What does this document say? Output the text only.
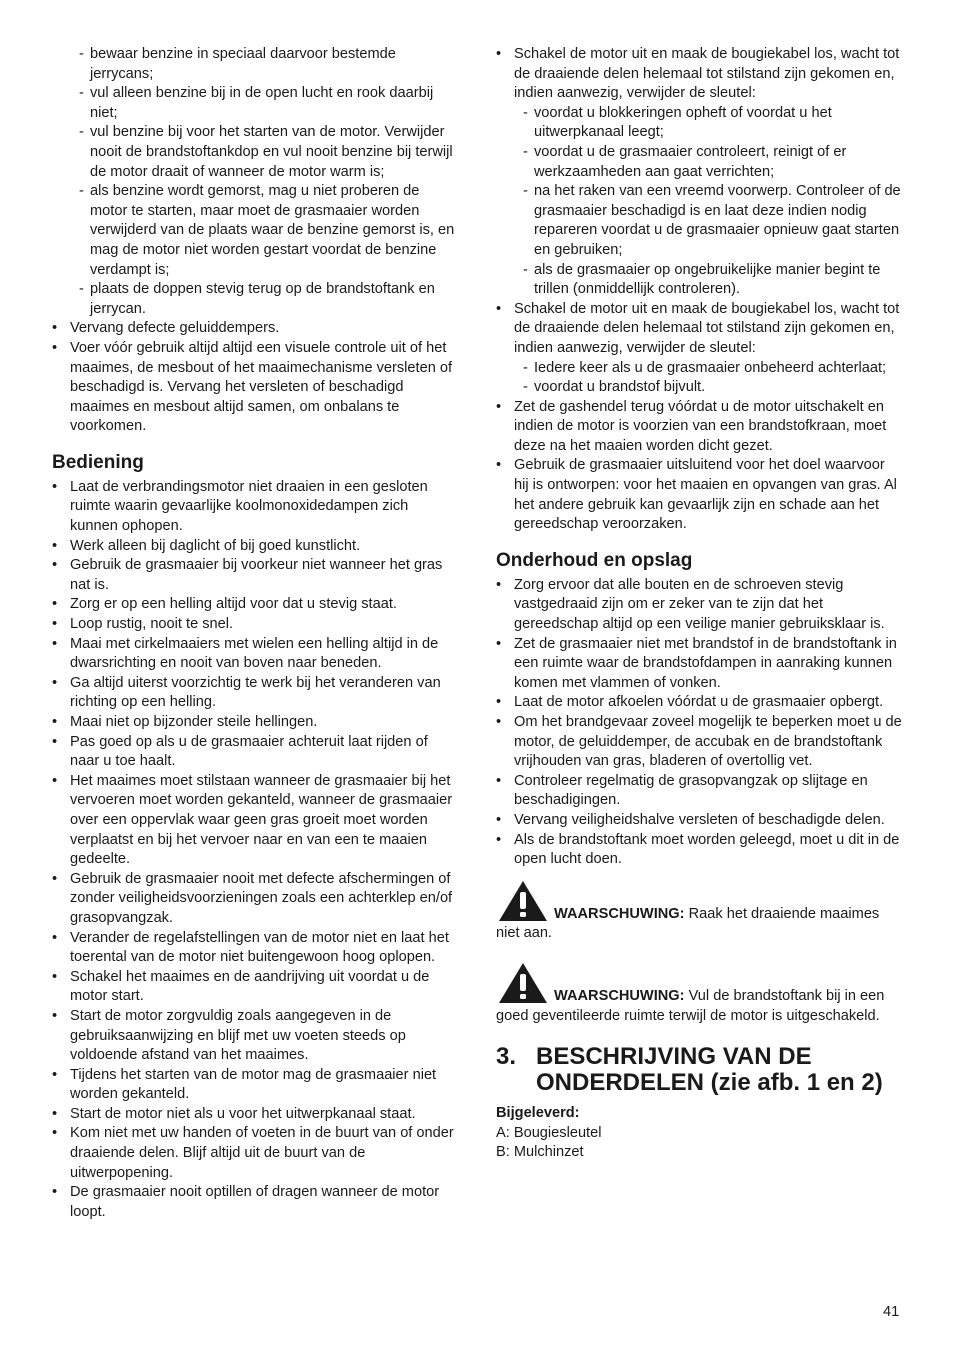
- bewaar benzine in speciaal daarvoor bestemde jerrycans;
- vul alleen benzine bij in de open lucht en rook daarbij niet;
- vul benzine bij voor het starten van de motor. Verwijder nooit de brandstoftankdop en vul nooit benzine bij terwijl de motor draait of wanneer de motor warm is;
- als benzine wordt gemorst, mag u niet proberen de motor te starten, maar moet de grasmaaier worden verwijderd van de plaats waar de benzine gemorst is, en mag de motor niet worden gestart voordat de benzine verdampt is;
- plaats de doppen stevig terug op de brandstoftank en jerrycan.
• Vervang defecte geluiddempers.
• Voer vóór gebruik altijd altijd een visuele controle uit of het maaimes, de mesbout of het maaimechanisme versleten of beschadigd is. Vervang het versleten of beschadigd maaimes en mesbout altijd samen, om onbalans te voorkomen.
Bediening
• Laat de verbrandingsmotor niet draaien in een gesloten ruimte waarin gevaarlijke koolmonoxidedampen zich kunnen ophopen.
• Werk alleen bij daglicht of bij goed kunstlicht.
• Gebruik de grasmaaier bij voorkeur niet wanneer het gras nat is.
• Zorg er op een helling altijd voor dat u stevig staat.
• Loop rustig, nooit te snel.
• Maai met cirkelmaaiers met wielen een helling altijd in de dwarsrichting en nooit van boven naar beneden.
• Ga altijd uiterst voorzichtig te werk bij het veranderen van richting op een helling.
• Maai niet op bijzonder steile hellingen.
• Pas goed op als u de grasmaaier achteruit laat rijden of naar u toe haalt.
• Het maaimes moet stilstaan wanneer de grasmaaier bij het vervoeren moet worden gekanteld, wanneer de grasmaaier over een oppervlak waar geen gras groeit moet worden verplaatst en bij het vervoer naar en van een te maaien gedeelte.
• Gebruik de grasmaaier nooit met defecte afschermingen of zonder veiligheidsvoorzieningen zoals een achterklep en/of grasopvangzak.
• Verander de regelafstellingen van de motor niet en laat het toerental van de motor niet buitengewoon hoog oplopen.
• Schakel het maaimes en de aandrijving uit voordat u de motor start.
• Start de motor zorgvuldig zoals aangegeven in de gebruiksaanwijzing en blijf met uw voeten steeds op voldoende afstand van het maaimes.
• Tijdens het starten van de motor mag de grasmaaier niet worden gekanteld.
• Start de motor niet als u voor het uitwerpkanaal staat.
• Kom niet met uw handen of voeten in de buurt van of onder draaiende delen. Blijf altijd uit de buurt van de uitwerpopening.
• De grasmaaier nooit optillen of dragen wanneer de motor loopt.
• Schakel de motor uit en maak de bougiekabel los, wacht tot de draaiende delen helemaal tot stilstand zijn gekomen en, indien aanwezig, verwijder de sleutel:
- voordat u blokkeringen opheft of voordat u het uitwerpkanaal leegt;
- voordat u de grasmaaier controleert, reinigt of er werkzaamheden aan gaat verrichten;
- na het raken van een vreemd voorwerp. Controleer of de grasmaaier beschadigd is en laat deze indien nodig repareren voordat u de grasmaaier opnieuw gaat starten en gebruiken;
- als de grasmaaier op ongebruikelijke manier begint te trillen (onmiddellijk controleren).
• Schakel de motor uit en maak de bougiekabel los, wacht tot de draaiende delen helemaal tot stilstand zijn gekomen en, indien aanwezig, verwijder de sleutel:
- Iedere keer als u de grasmaaier onbeheerd achterlaat;
- voordat u brandstof bijvult.
• Zet de gashendel terug vóórdat u de motor uitschakelt en indien de motor is voorzien van een brandstofkraan, moet deze na het maaien worden dicht gezet.
• Gebruik de grasmaaier uitsluitend voor het doel waarvoor hij is ontworpen: voor het maaien en opvangen van gras. Al het andere gebruik kan gevaarlijk zijn en schade aan het gereedschap veroorzaken.
Onderhoud en opslag
• Zorg ervoor dat alle bouten en de schroeven stevig vastgedraaid zijn om er zeker van te zijn dat het gereedschap altijd op een veilige manier gebruiksklaar is.
• Zet de grasmaaier niet met brandstof in de brandstoftank in een ruimte waar de brandstofdampen in aanraking kunnen komen met vlammen of vonken.
• Laat de motor afkoelen vóórdat u de grasmaaier opbergt.
• Om het brandgevaar zoveel mogelijk te beperken moet u de motor, de geluiddemper, de accubak en de brandstoftank vrijhouden van gras, bladeren of overtollig vet.
• Controleer regelmatig de grasopvangzak op slijtage en beschadigingen.
• Vervang veiligheidshalve versleten of beschadigde delen.
• Als de brandstoftank moet worden geleegd, moet u dit in de open lucht doen.
WAARSCHUWING: Raak het draaiende maaimes niet aan.
WAARSCHUWING: Vul de brandstoftank bij in een goed geventileerde ruimte terwijl de motor is uitgeschakeld.
3. BESCHRIJVING VAN DE ONDERDELEN (zie afb. 1 en 2)
Bijgeleverd:
A: Bougiesleutel
B: Mulchinzet
41
